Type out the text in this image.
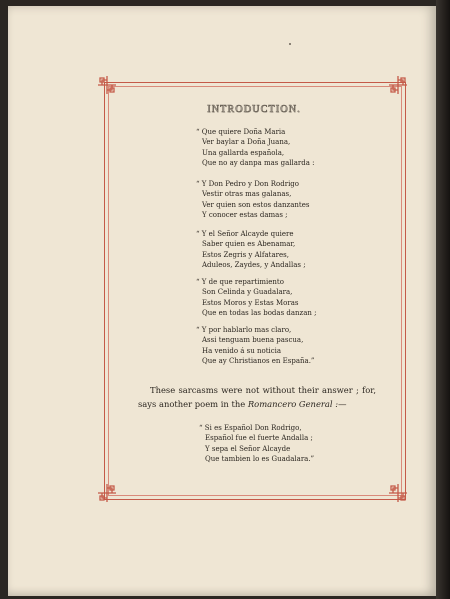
INTRODUCTION.
“ Que quiere Doña Maria
Ver baylar a Doña Juana,
Una gallarda española,
Que no ay danpa mas gallarda :
“ Y Don Pedro y Don Rodrigo
Vestir otras mas galanas,
Ver quien son estos danzantes
Y conocer estas damas ;
“ Y el Señor Alcayde quiere
Saber quien es Abenamar,
Estos Zegris y Alfatares,
Aduleos, Zaydes, y Andallas ;
“ Y de que repartimiento
Son Celinda y Guadalara,
Estos Moros y Estas Moras
Que en todas las bodas danzan ;
“ Y por hablarlo mas claro,
Assi tenguam buena pascua,
Ha venido á su noticia
Que ay Christianos en España.”
These sarcasms were not without their answer ; for, says another poem in the Romancero General :—
“ Si es Español Don Rodrigo,
Español fue el fuerte Andalla ;
Y sepa el Señor Alcayde
Que tambien lo es Guadalara.”
